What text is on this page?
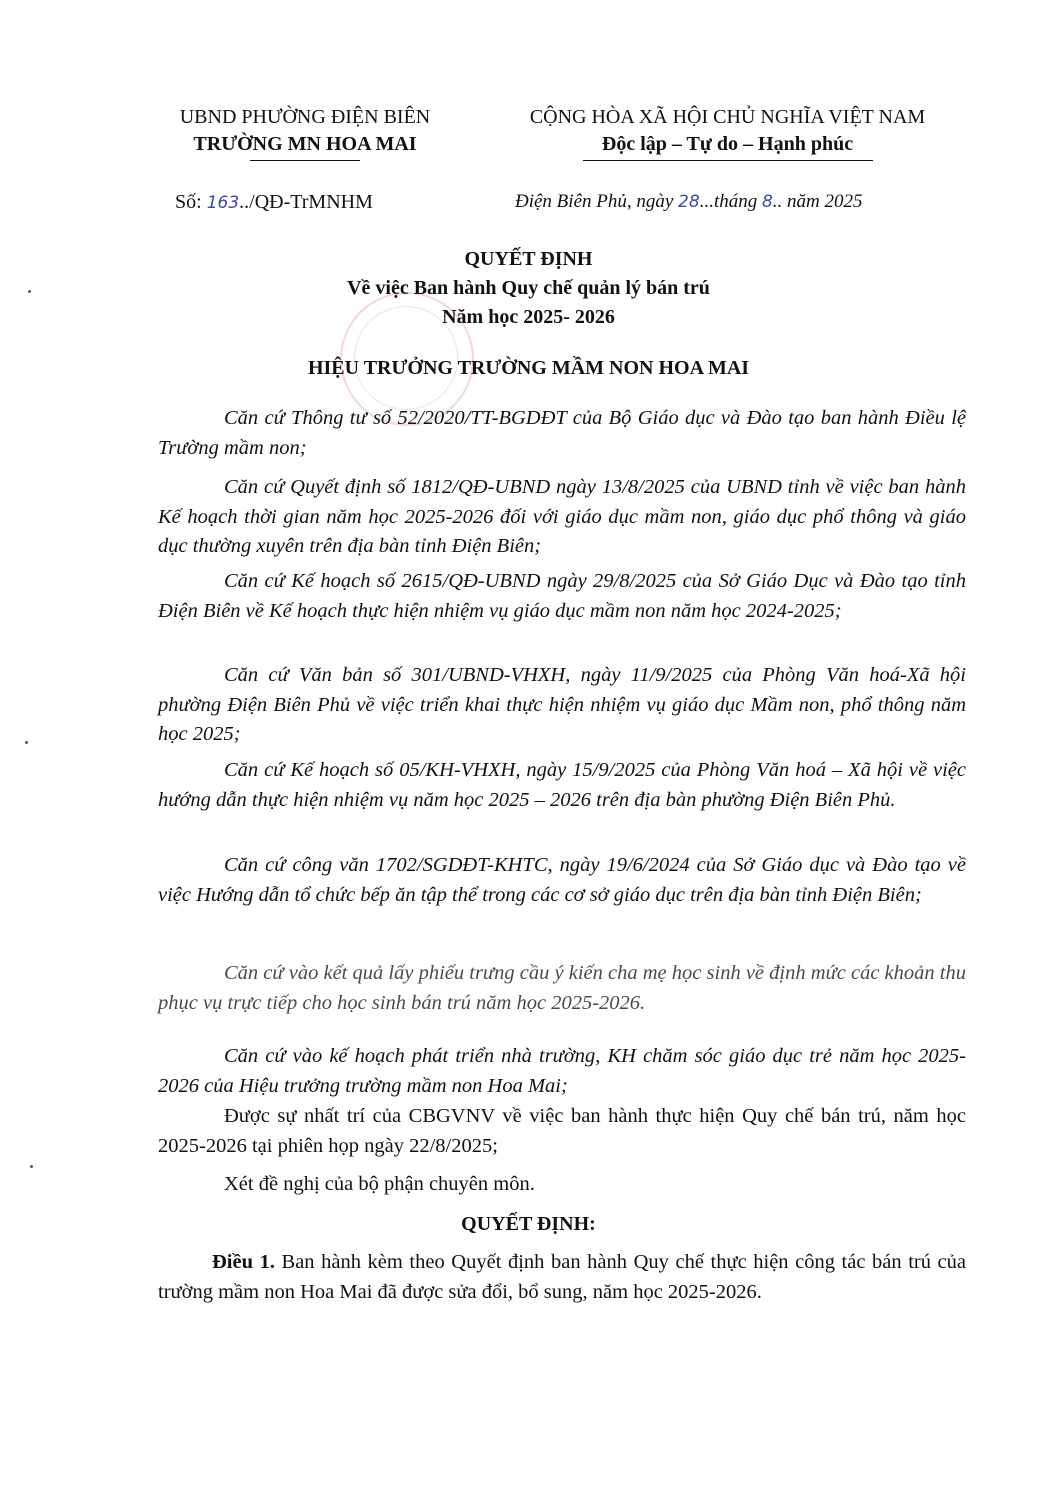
UBND PHƯỜNG ĐIỆN BIÊN
TRƯỜNG MN HOA MAI
CỘNG HÒA XÃ HỘI CHỦ NGHĨA VIỆT NAM
Độc lập – Tự do – Hạnh phúc
Số: 163../QĐ-TrMNHM	Điện Biên Phủ, ngày 28...tháng 8.. năm 2025
QUYẾT ĐỊNH
Về việc Ban hành Quy chế quản lý bán trú
Năm học 2025- 2026
HIỆU TRƯỞNG TRƯỜNG MẦM NON HOA MAI
Căn cứ Thông tư số 52/2020/TT-BGDĐT của Bộ Giáo dục và Đào tạo ban hành Điều lệ Trường mầm non;
Căn cứ Quyết định số 1812/QĐ-UBND ngày 13/8/2025 của UBND tỉnh về việc ban hành Kế hoạch thời gian năm học 2025-2026 đối với giáo dục mầm non, giáo dục phổ thông và giáo dục thường xuyên trên địa bàn tỉnh Điện Biên;
Căn cứ Kế hoạch số 2615/QĐ-UBND ngày 29/8/2025 của Sở Giáo Dục và Đào tạo tỉnh Điện Biên về Kế hoạch thực hiện nhiệm vụ giáo dục mầm non năm học 2024-2025;
Căn cứ Văn bản số 301/UBND-VHXH, ngày 11/9/2025 của Phòng Văn hoá-Xã hội phường Điện Biên Phủ về việc triển khai thực hiện nhiệm vụ giáo dục Mầm non, phổ thông năm học 2025;
Căn cứ Kế hoạch số 05/KH-VHXH, ngày 15/9/2025 của Phòng Văn hoá – Xã hội về việc hướng dẫn thực hiện nhiệm vụ năm học 2025 – 2026 trên địa bàn phường Điện Biên Phủ.
Căn cứ công văn 1702/SGDĐT-KHTC, ngày 19/6/2024 của Sở Giáo dục và Đào tạo về việc Hướng dẫn tổ chức bếp ăn tập thể trong các cơ sở giáo dục trên địa bàn tỉnh Điện Biên;
Căn cứ vào kết quả lấy phiếu trưng cầu ý kiến cha mẹ học sinh về định mức các khoản thu phục vụ trực tiếp cho học sinh bán trú năm học 2025-2026.
Căn cứ vào kế hoạch phát triển nhà trường, KH chăm sóc giáo dục trẻ năm học 2025- 2026 của Hiệu trưởng trường mầm non Hoa Mai;
Được sự nhất trí của CBGVNV về việc ban hành thực hiện Quy chế bán trú, năm học 2025-2026 tại phiên họp ngày 22/8/2025;
Xét đề nghị của bộ phận chuyên môn.
QUYẾT ĐỊNH:
Điều 1. Ban hành kèm theo Quyết định ban hành Quy chế thực hiện công tác bán trú của trường mầm non Hoa Mai đã được sửa đổi, bổ sung, năm học 2025-2026.
